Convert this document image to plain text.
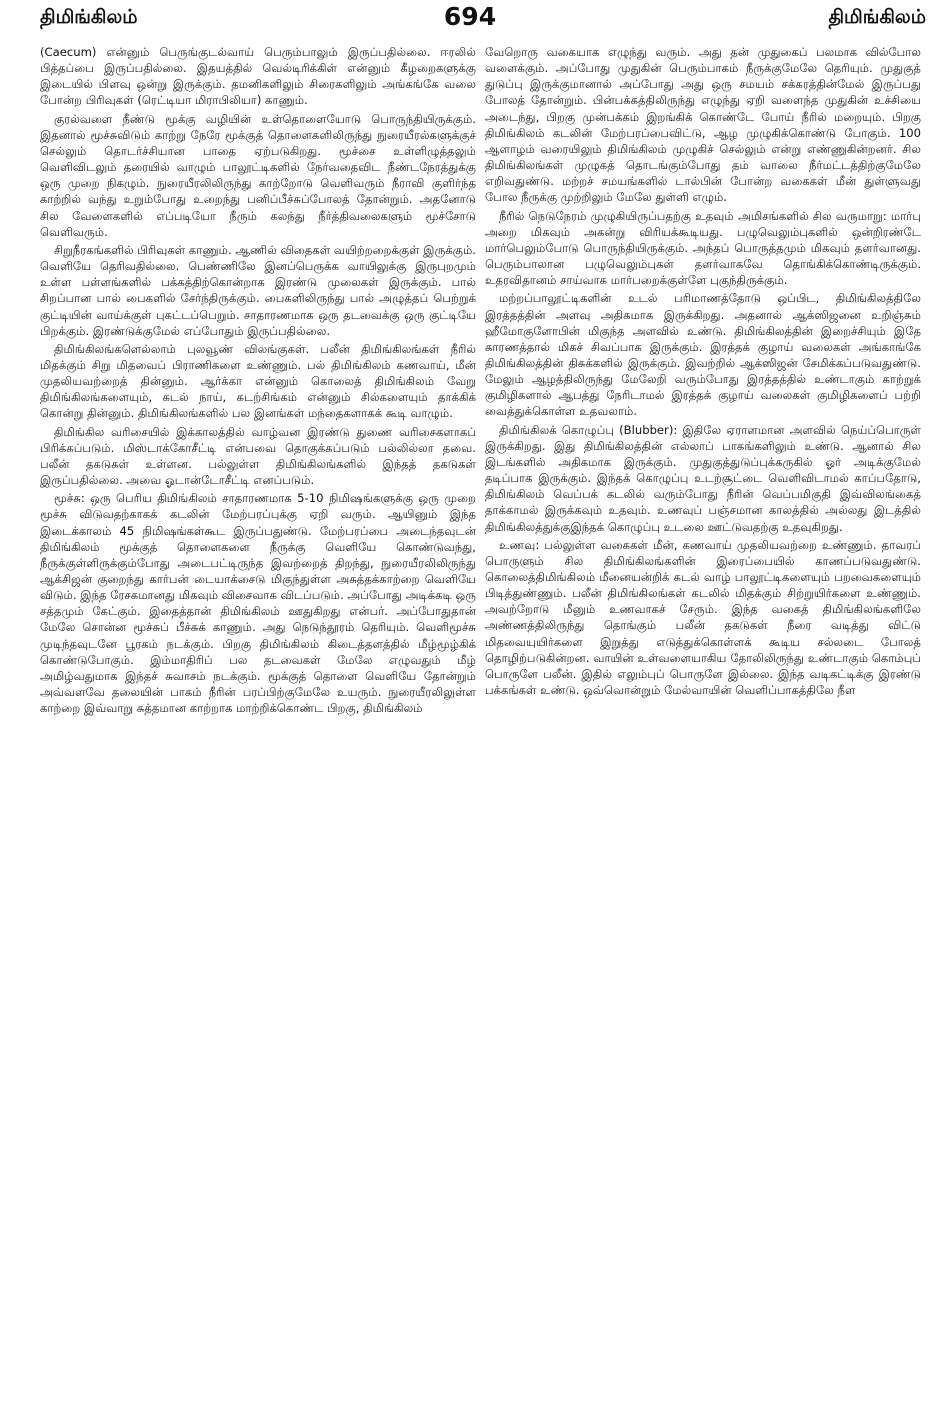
திமிங்கிலம்	694	திமிங்கிலம்

(Caecum) என்னும் பெருங்குடல்வாய் பெரும்பாலும் இருப்பதில்லை. ஈரலில் பித்தப்பை இருப்பதில்லை. இதயத்தில் வெல்டிரிக்கிள் என்னும் கீழறைகளுக்கு இடையில் பிளவு ஒன்று இருக்கும். தமனிகளிலும் சிரைகளிலும் அங்கங்கே வலை போன்ற பிரிவுகள் (ரெட்டியா மிராபிலியா) காணும்.

குரல்வளை நீண்டு மூக்கு வழியின் உள்தொளையோடு பொருந்தியிருக்கும். இதனால் மூச்சுவிடும் காற்று நேரே மூக்குத் தொளைகளிலிருந்து நுரையீரல்களுக்குச் செல்லும் தொடர்ச்சியான பாதை ஏற்படுகிறது. மூச்சை உள்ளிழுத்தலும் வெளிவிடலும் தரையில் வாழும் பாலூட்டிகளில் நேர்வதைவிட நீண்டநேரத்துக்கு ஒரு முறை நிகழும். நுரையீரலிலிருந்து காற்றோடு வெளிவரும் நீராவி குளிர்ந்த காற்றில் வந்து உறும்போது உறைந்து பனிப்பீச்சுப்போலத் தோன்றும். அதனோடு சில வேளைகளில் எப்படியோ நீரும் கலந்து நீர்த்திவலைகளும் மூச்சோடு வெளிவரும்.

சிறுநீரகங்களில் பிரிவுகள் காணும். ஆணில் விதைகள் வயிற்றறைக்குள் இருக்கும். வெளியே தெரிவதில்லை. பெண்ணிலே இனப்பெருக்க வாயிலுக்கு இருபுறமும் உள்ள பள்ளங்களில் பக்கத்திற்கொன்றாக இரண்டு முலைகள் இருக்கும். பால் சிறப்பான பால் பைகளில் சேர்ந்திருக்கும். பைகளிலிருந்து பால் அழுத்தப் பெற்றுக் குட்டியின் வாய்க்குள் புகட்டப்பெறும். சாதாரணமாக ஒரு தடவைக்கு ஒரு குட்டியே பிறக்கும். இரண்டுக்குமேல் எப்போதும் இருப்பதில்லை.

திமிங்கிலங்களெல்லாம் புலவூண் விலங்குகள். பலீன் திமிங்கிலங்கள் நீரில் மிதக்கும் சிறு மிதவைப் பிராணிகளை உண்ணும். பல் திமிங்கிலம் கணவாய், மீன் முதலியவற்றைத் தின்னும். ஆர்க்கா என்னும் கொலைத் திமிங்கிலம் வேறு திமிங்கிலங்களையும், கடல் நாய், கடற்சிங்கம் என்னும் சில்களையும் தாக்கிக் கொன்று தின்னும். திமிங்கிலங்களில் பல இனங்கள் மந்தைகளாகக் கூடி வாழும்.

திமிங்கில வரிசையில் இக்காலத்தில் வாழ்வன இரண்டு துணை வரிசைகளாகப் பிரிக்கப்படும். மிஸ்டாக்கோசீட்டி என்பவை தொகுக்கப்படும் பல்லில்லா தவை. பலீன் தகடுகள் உள்ளன. பல்லுள்ள திமிங்கிலங்களில் இந்தத் தகடுகள் இருப்பதில்லை. அவை ஓடான்டோசீட்டி எனப்படும்.

மூச்சு: ஒரு பெரிய திமிங்கிலம் சாதாரணமாக 5-10 நிமிஷங்களுக்கு ஒரு முறை மூச்சு விடுவதற்காகக் கடலின் மேற்பரப்புக்கு ஏறி வரும். ஆயினும் இந்த இடைக்காலம் 45 நிமிஷங்கள்கூட இருப்பதுண்டு. மேற்பரப்பை அடைந்தவுடன் திமிங்கிலம் மூக்குத் தொளைகளை நீருக்கு வெளியே கொண்டுவந்து, நீருக்குள்ளிருக்கும்போது அடைபட்டிருந்த இவற்றைத் திறந்து, நுரையீரலிலிருந்து ஆக்சிஜன் குறைந்து கார்பன் டையாக்சைடு மிகுந்துள்ள அசுத்தக்காற்றை வெளியே விடும். இந்த ரேசகமானது மிகவும் விசைவாக விடப்படும். அப்போது அடிக்கடி ஒரு சத்தமும் கேட்கும். இதைத்தான் திமிங்கிலம் ஊதுகிறது என்பர். அப்போதுதான் மேலே சொன்ன மூச்சுப் பீச்சுக் காணும். அது நெடுந்தூரம் தெரியும். வெளிமூச்சு முடிந்தவுடனே பூரகம் நடக்கும். பிறகு திமிங்கிலம் கிடைத்தளத்தில் மீழ்மூழ்கிக் கொண்டுபோகும். இம்மாதிரிப் பல தடவைகள் மேலே எழுவதும் மீழ் அமிழ்வதுமாக இந்தச் சுவாசம் நடக்கும். மூக்குத் தொளை வெளியே தோன்றும் அவ்வளவே தலையின் பாகம் நீரின் பரப்பிற்குமேலே உயரும். நுரையீரலிலுள்ள காற்றை இவ்வாறு சுத்தமான காற்றாக மாற்றிக்கொண்ட பிறகு, திமிங்கிலம்

வேறொரு வகையாக எழுந்து வரும். அது தன் முதுகைப் பலமாக வில்போல வளைக்கும். அப்போது முதுகின் பெரும்பாகம் நீருக்குமேலே தெரியும். முதுகுத் துடுப்பு இருக்குமானால் அப்போது அது ஒரு சமயம் சக்கரத்தின்மேல் இருப்பது போலத் தோன்றும். பின்பக்கத்திலிருந்து எழுந்து ஏறி வளைந்த முதுகின் உச்சியை அடைந்து, பிறகு முன்பக்கம் இறங்கிக் கொண்டே போய் நீரில் மறையும். பிறகு திமிங்கிலம் கடலின் மேற்பரப்பைவிட்டு, ஆழ முழுகிக்கொண்டு போகும். 100 ஆளாழம் வரையிலும் திமிங்கிலம் முழுகிச் செல்லும் என்று எண்ணுகின்றனர். சில திமிங்கிலங்கள் முழுகத் தொடங்கும்போது தம் வாலை நீர்மட்டத்திற்குமேலே எறிவதுண்டு. மற்றச் சமயங்களில் டால்பின் போன்ற வகைகள் மீன் துள்ளுவது போல நீருக்கு முற்றிலும் மேலே துள்ளி எழும்.

நீரில் நெடுநேரம் முழுகியிருப்பதற்கு உதவும் அமிசங்களில் சில வருமாறு: மார்பு அறை மிகவும் அகன்று விரியக்கூடியது. பழுவெலும்புகளில் ஒன்றிரண்டே மார்பெலும்போடு பொருந்தியிருக்கும். அந்தப் பொருத்தமும் மிகவும் தளர்வானது. பெரும்பாலான பழுவெலும்புகள் தளர்வாகவே தொங்கிக்கொண்டிருக்கும். உதரவிதானம் சாய்வாக மார்பறைக்குள்ளே புகுந்திருக்கும்.

மற்றப்பாலூட்டிகளின் உடல் பரிமாணத்தோடு ஒப்பிட, திமிங்கிலத்திலே இரத்தத்தின் அளவு அதிகமாக இருக்கிறது. அதனால் ஆக்ஸிஜனை உறிஞ்சும் ஹீமோகுளோபின் மிகுந்த அளவில் உண்டு. திமிங்கிலத்தின் இறைச்சியும் இதே காரணத்தால் மிகச் சிவப்பாக இருக்கும். இரத்தக் குழாய் வலைகள் அங்காங்கே திமிங்கிலத்தின் திசுக்களில் இருக்கும். இவற்றில் ஆக்ஸிஜன் சேமிக்கப்படுவதுண்டு. மேலும் ஆழத்திலிருந்து மேலேறி வரும்போது இரத்தத்தில் உண்டாகும் காற்றுக் குமிழிகளால் ஆபத்து நேரிடாமல் இரத்தக் குழாய் வலைகள் குமிழிகளைப் பற்றி வைத்துக்கொள்ள உதவலாம்.

திமிங்கிலக் கொழுப்பு (Blubber): இதிலே ஏராளமான அளவில் நெய்ப்பொருள் இருக்கிறது. இது திமிங்கிலத்தின் எல்லாப் பாகங்களிலும் உண்டு. ஆனால் சில இடங்களில் அதிகமாக இருக்கும். முதுகுத்துடுப்புக்கருகில் ஓர் அடிக்குமேல் தடிப்பாக இருக்கும். இந்தக் கொழுப்பு உடற்சூட்டை வெளிவிடாமல் காப்பதோடு, திமிங்கிலம் வெப்பக் கடலில் வரும்போது நீரின் வெப்பமிகுதி இவ்விலங்கைத் தாக்காமல் இருக்கவும் உதவும். உணவுப் பஞ்சமான காலத்தில் அல்லது இடத்தில் திமிங்கிலத்துக்குஇந்தக் கொழுப்பு உடலை ஊட்டுவதற்கு உதவுகிறது.

உணவு: பல்லுள்ள வகைகள் மீன், கணவாய் முதலியவற்றை உண்ணும். தாவரப் பொருளும் சில திமிங்கிலங்களின் இரைப்பையில் காணப்படுவதுண்டு. கொலைத்திமிங்கிலம் மீனையன்றிக் கடல் வாழ் பாலூட்டிகளையும் பறவைகளையும் பிடித்துண்ணும். பலீன் திமிங்கிலங்கள் கடலில் மிதக்கும் சிற்றுயிர்களை உண்ணும். அவற்றோடு மீனும் உணவாகச் சேரும். இந்த வகைத் திமிங்கிலங்களிலே அண்ணத்திலிருந்து தொங்கும் பலீன் தகடுகள் நீரை வடித்து விட்டு மிதவையுயிர்களை இறுத்து எடுத்துக்கொள்ளக் கூடிய சல்லடை போலத் தொழிற்படுகின்றன. வாயின் உள்வளையாகிய தோலிலிருந்து உண்டாகும் கொம்புப் பொருளே பலீன். இதில் எலும்புப் பொருளே இல்லை. இந்த வடிகட்டிக்கு இரண்டு பக்கங்கள் உண்டு. ஒவ்வொன்றும் மேல்வாயின் வெளிப்பாகத்திலே நீள
